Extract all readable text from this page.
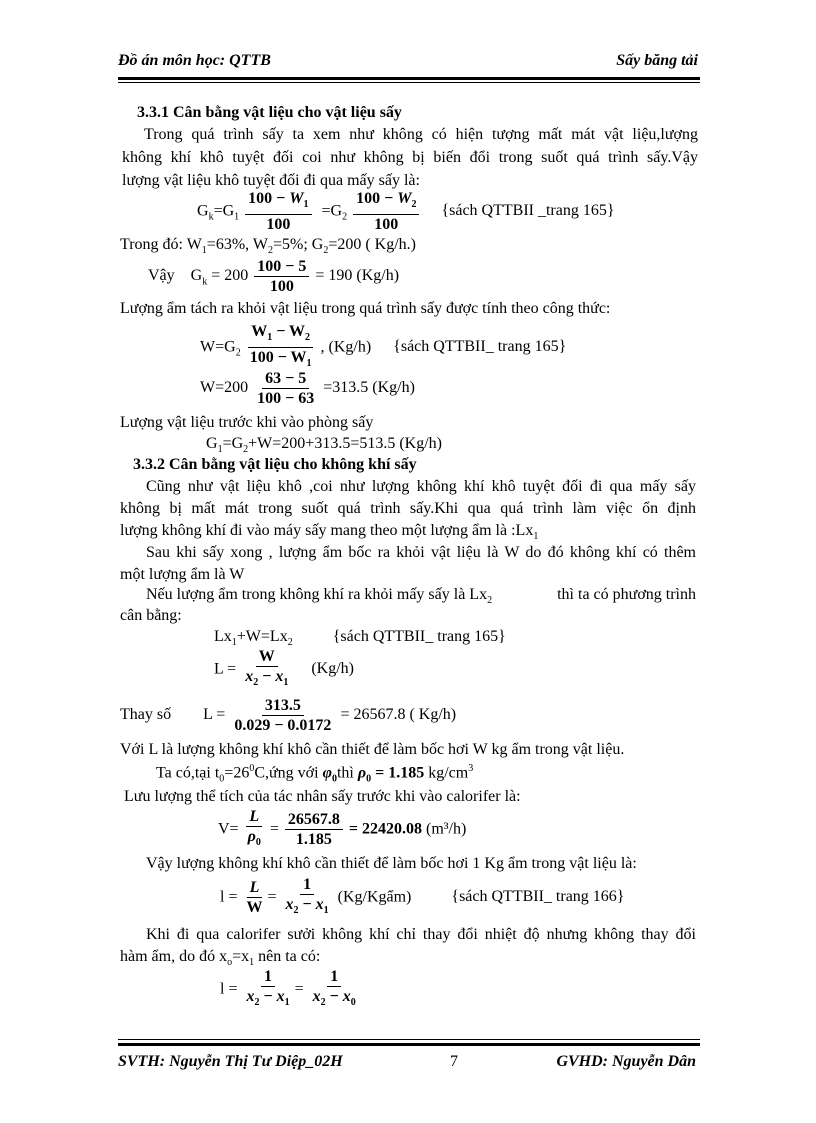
Đồ án môn học: QTTB	Sấy băng tải
3.3.1 Cân bằng vật liệu cho vật liệu sấy
Trong quá trình sấy ta xem như không có hiện tượng mất mát vật liệu,lượng
không khí khô tuyệt đối coi như không bị biến đổi trong suốt quá trình sấy.Vậy
lượng vật liệu khô tuyệt đối đi qua mấy sấy là:
$G_k=G_1 \frac{100 - W_1}{100} =G_2 \frac{100 - W_2}{100}$ {sách QTTBII _trang 165}
Trong đó: $W_1=63\%$, $W_2=5\%$; $G_2=200$ ( Kg/h.)
Vậy    $G_k = 200 \frac{100 - 5}{100} = 190$ (Kg/h)
Lượng ẩm tách ra khỏi vật liệu trong quá trình sấy được tính theo công thức:
$W=G_2 \frac{W_1 - W_2}{100 - W_1}$ , (Kg/h) {sách QTTBII_ trang 165}
$W=200 \frac{63 - 5}{100 - 63} =313.5$ (Kg/h)
Lượng vật liệu trước khi vào phòng sấy
$G_1=G_2+W=200+313.5=513.5$ (Kg/h)
3.3.2 Cân bằng vật liệu cho không khí sấy
Cũng như vật liệu khô ,coi như lượng không khí khô tuyệt đối đi qua mấy sấy
không bị mất mát trong suốt quá trình sấy.Khi qua quá trình làm việc ổn định
lượng không khí đi vào máy sấy mang theo một lượng ẩm là $:Lx_1$
Sau khi sấy xong , lượng ẩm bốc ra khỏi vật liệu là W do đó không khí có thêm
một lượng ẩm là W
Nếu lượng ẩm trong không khí ra khỏi mấy sấy là $Lx_2$	thì ta có phương trình
cân bằng:
$Lx_1+W=Lx_2$	{sách QTTBII_ trang 165}
$L = \frac{W}{x_2 - x_1} (Kg/h)$
Thay số        $L = \frac{313.5}{0.029 - 0.0172} = 26567.8$ ( Kg/h)
Với L là lượng không khí khô cần thiết để làm bốc hơi W kg ẩm trong vật liệu.
Ta có,tại $t_0=26^0C,ứng$ với $\varphi_0thì$ $\rho_0 = 1.185$ $kg/cm^3$
Lưu lượng thể tích của tác nhân sấy trước khi vào calorifer là:
$V= \frac{L}{\rho_0} = \frac{26567.8}{1.185} = 22420.08$ (m³/h)
Vậy lượng không khí khô cần thiết để làm bốc hơi 1 Kg ẩm trong vật liệu là:
$l = \frac{L}{W} = \frac{1}{x_2 - x_1}$ (Kg/Kgẩm)	{sách QTTBII_ trang 166}
Khi đi qua calorifer sưởi không khí chỉ thay đổi nhiệt độ nhưng không thay đổi
hàm ẩm, do đó $x_o=x_1$ nên ta có:
$l = \frac{1}{x_2 - x_1} = \frac{1}{x_2 - x_0}$
SVTH: Nguyễn Thị Tư Diệp_02H	7	GVHD: Nguyễn Dân
